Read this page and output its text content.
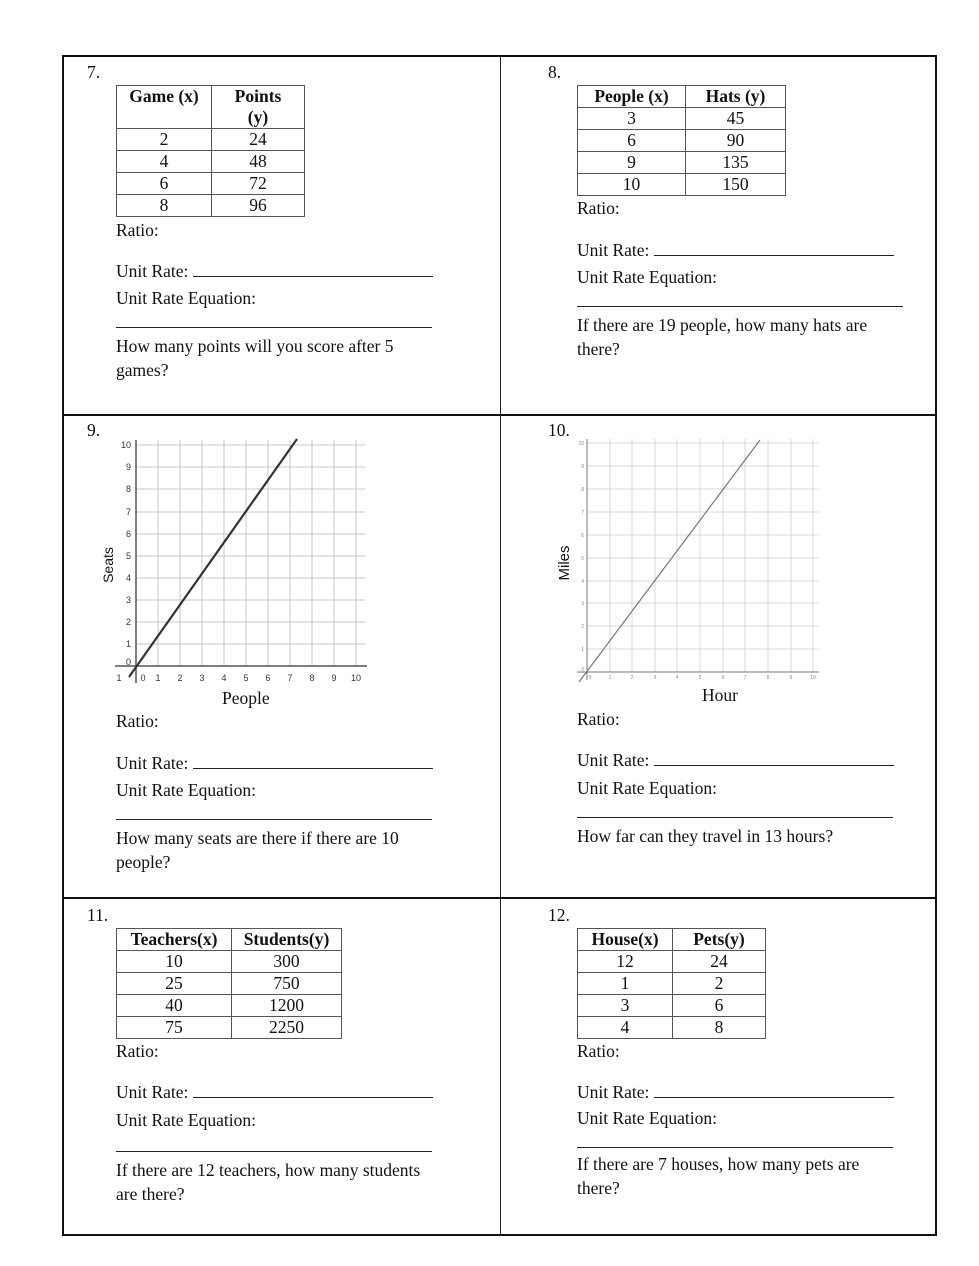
7.
Game (x)	Points
(y)
2	24
4	48
6	72
8	96
Ratio:
Unit Rate:
Unit Rate Equation:
How many points will you score after 5
games?
8.
People (x)	Hats (y)
3	45
6	90
9	135
10	150
Ratio:
Unit Rate:
Unit Rate Equation:
If there are 19 people, how many hats are
there?
9.
10
9
8
7
6
5
4
3
2
1
0
1 0 1 2 3 4 5 6 7 8 9 10
Seats
People
Ratio:
Unit Rate:
Unit Rate Equation:
How many seats are there if there are 10
people?
10.
10
9
8
7
6
5
4
3
2
1
0
0	1	2	3	4	5	6	7	8	9	10
Miles
Hour
Ratio:
Unit Rate:
Unit Rate Equation:
How far can they travel in 13 hours?
11.
Teachers(x)	Students(y)
10	300
25	750
40	1200
75	2250
Ratio:
Unit Rate:
Unit Rate Equation:
If there are 12 teachers, how many students
are there?
12.
House(x)	Pets(y)
12	24
1	2
3	6
4	8
Ratio:
Unit Rate:
Unit Rate Equation:
If there are 7 houses, how many pets are
there?
